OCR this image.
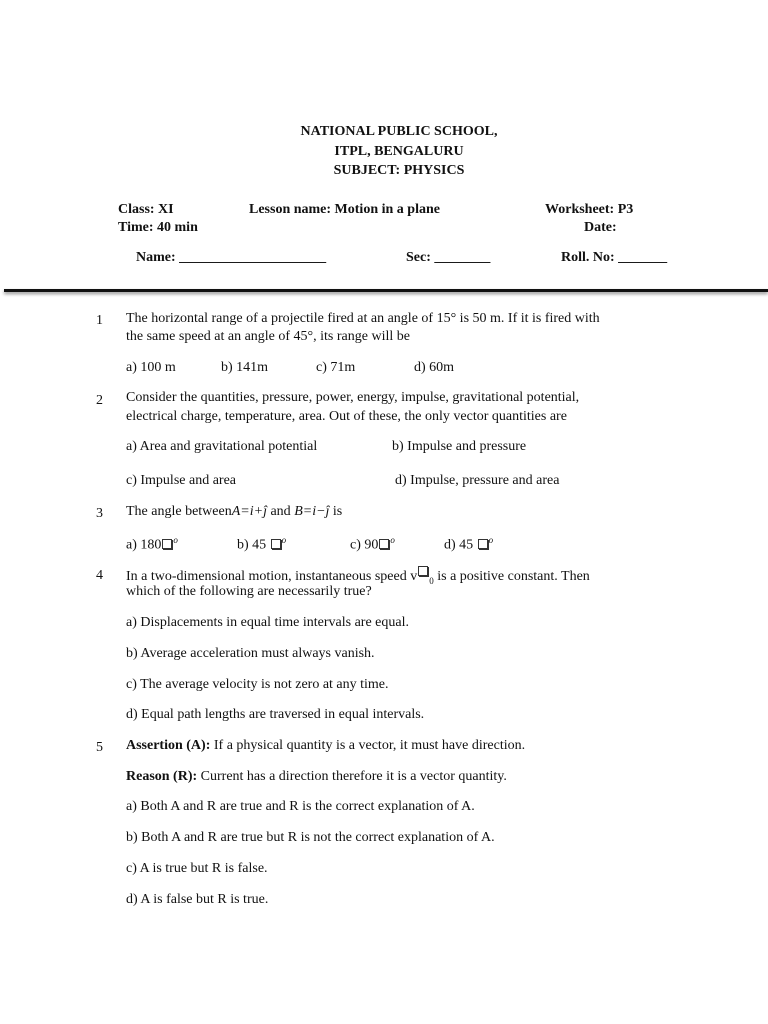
NATIONAL PUBLIC SCHOOL,
ITPL, BENGALURU
SUBJECT: PHYSICS
Class: XI
Time: 40 min
Lesson name: Motion in a plane	Worksheet: P3
Date:
Name: _____________________	Sec: ________	Roll. No: _______
1 The horizontal range of a projectile fired at an angle of 15° is 50 m. If it is fired with
the same speed at an angle of 45°, its range will be
a) 100 m	b) 141m	c) 71m	d) 60m
2 Consider the quantities, pressure, power, energy, impulse, gravitational potential,
electrical charge, temperature, area. Out of these, the only vector quantities are
a) Area and gravitational potential	b) Impulse and pressure
c) Impulse and area	d) Impulse, pressure and area
3 The angle betweenA=i+ĵ and B=i−ĵ is
a) 180 $^o$	b) 45 $^o$	c) 90 $^o$	d) 45 $^o$
4 In a two-dimensional motion, instantaneous speed v $_0$ is a positive constant. Then
which of the following are necessarily true?
a) Displacements in equal time intervals are equal.
b) Average acceleration must always vanish.
c) The average velocity is not zero at any time.
d) Equal path lengths are traversed in equal intervals.
5 Assertion (A): If a physical quantity is a vector, it must have direction.
Reason (R): Current has a direction therefore it is a vector quantity.
a) Both A and R are true and R is the correct explanation of A.
b) Both A and R are true but R is not the correct explanation of A.
c) A is true but R is false.
d) A is false but R is true.
